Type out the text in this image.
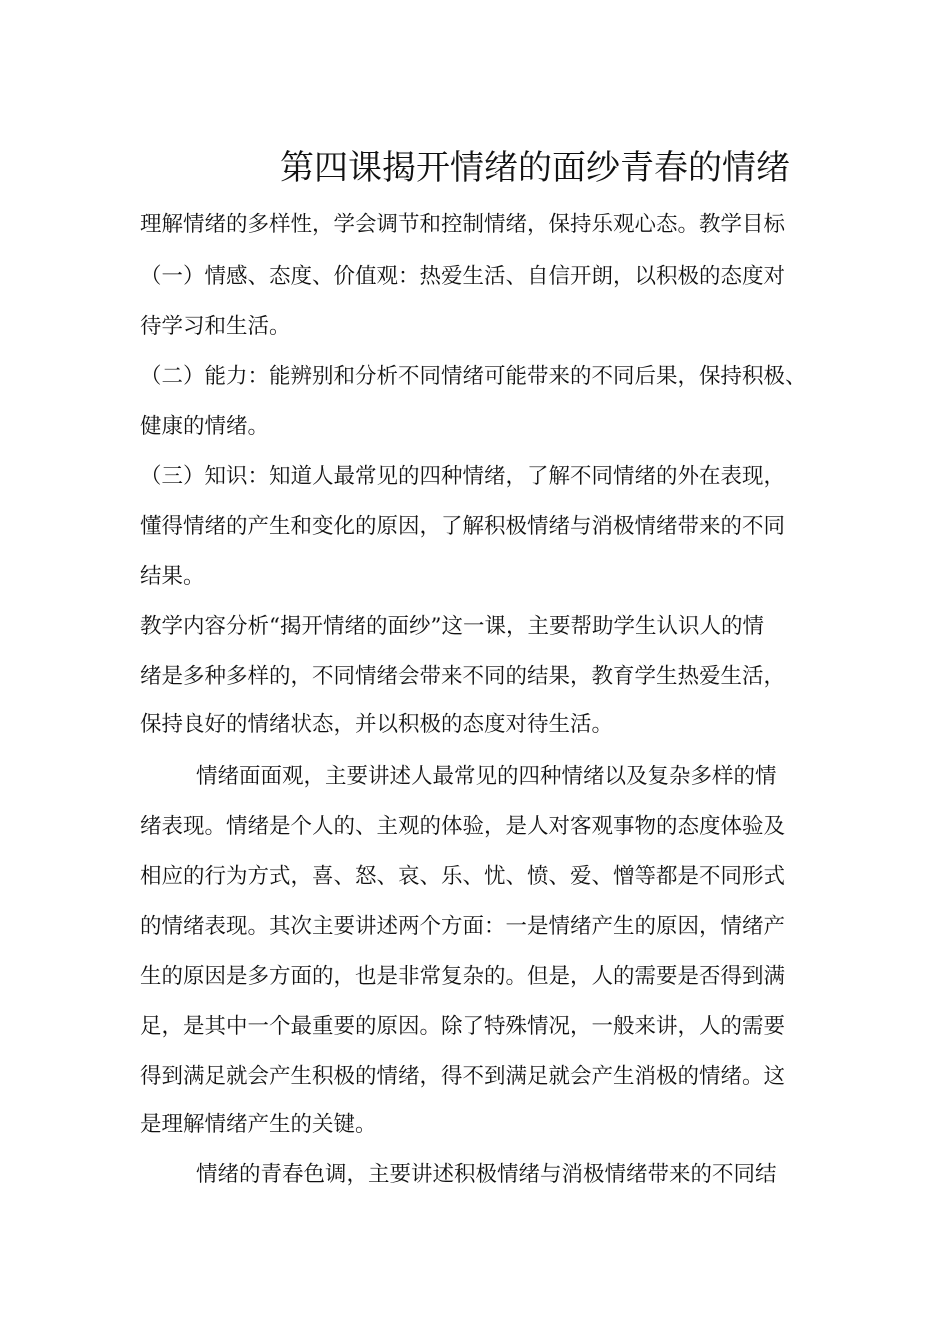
第四课揭开情绪的面纱青春的情绪
理解情绪的多样性，学会调节和控制情绪，保持乐观心态。教学目标
（一）情感、态度、价值观：热爱生活、自信开朗，以积极的态度对
待学习和生活。
（二）能力：能辨别和分析不同情绪可能带来的不同后果，保持积极、
健康的情绪。
（三）知识：知道人最常见的四种情绪，了解不同情绪的外在表现，
懂得情绪的产生和变化的原因，了解积极情绪与消极情绪带来的不同
结果。
教学内容分析“揭开情绪的面纱”这一课，主要帮助学生认识人的情
绪是多种多样的，不同情绪会带来不同的结果，教育学生热爱生活，
保持良好的情绪状态，并以积极的态度对待生活。
情绪面面观，主要讲述人最常见的四种情绪以及复杂多样的情
绪表现。情绪是个人的、主观的体验，是人对客观事物的态度体验及
相应的行为方式，喜、怒、哀、乐、忧、愤、爱、憎等都是不同形式
的情绪表现。其次主要讲述两个方面：一是情绪产生的原因，情绪产
生的原因是多方面的，也是非常复杂的。但是，人的需要是否得到满
足，是其中一个最重要的原因。除了特殊情况，一般来讲，人的需要
得到满足就会产生积极的情绪，得不到满足就会产生消极的情绪。这
是理解情绪产生的关键。
情绪的青春色调，主要讲述积极情绪与消极情绪带来的不同结
